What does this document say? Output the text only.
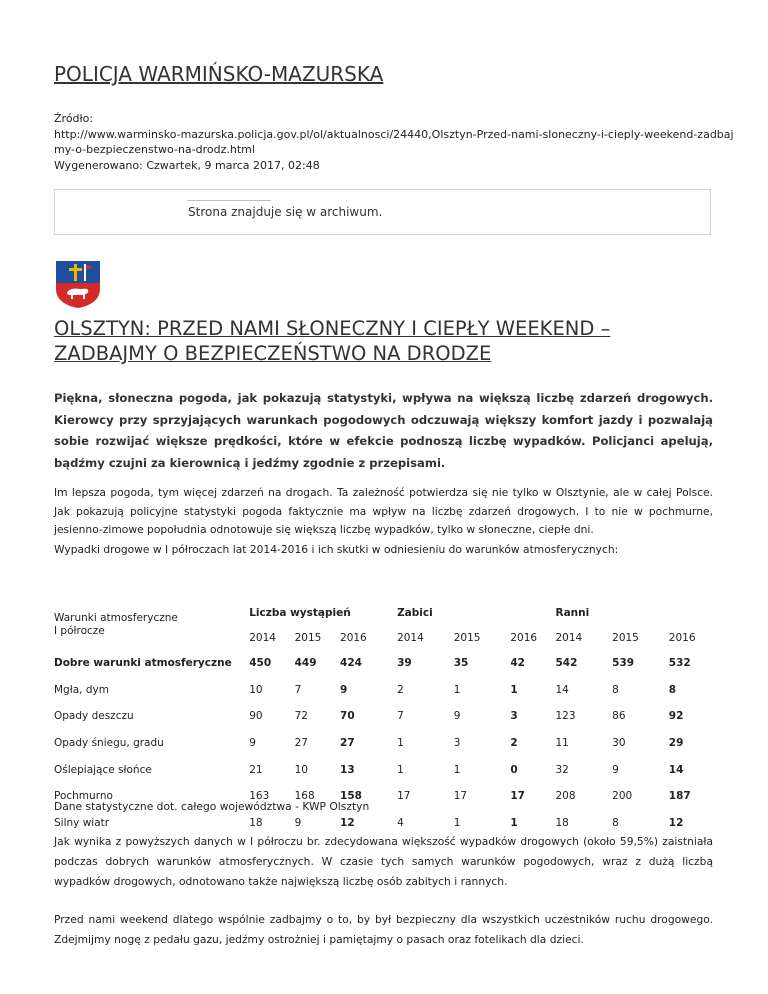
POLICJA WARMIŃSKO-MAZURSKA
Źródło:
http://www.warminsko-mazurska.policja.gov.pl/ol/aktualnosci/24440,Olsztyn-Przed-nami-sloneczny-i-cieply-weekend-zadbaj
my-o-bezpieczenstwo-na-drodz.html
Wygenerowano: Czwartek, 9 marca 2017, 02:48
Strona znajduje się w archiwum.
OLSZTYN: PRZED NAMI SŁONECZNY I CIEPŁY WEEKEND – ZADBAJMY O BEZPIECZEŃSTWO NA DRODZE

Piękna, słoneczna pogoda, jak pokazują statystyki, wpływa na większą liczbę zdarzeń drogowych. Kierowcy przy sprzyjających warunkach pogodowych odczuwają większy komfort jazdy i pozwalają sobie rozwijać większe prędkości, które w efekcie podnoszą liczbę wypadków. Policjanci apelują, bądźmy czujni za kierownicą i jedźmy zgodnie z przepisami.

Im lepsza pogoda, tym więcej zdarzeń na drogach. Ta zależność potwierdza się nie tylko w Olsztynie, ale w całej Polsce. Jak pokazują policyjne statystyki pogoda faktycznie ma wpływ na liczbę zdarzeń drogowych. I to nie w pochmurne, jesienno-zimowe popołudnia odnotowuje się większą liczbę wypadków, tylko w słoneczne, ciepłe dni.

Wypadki drogowe w I półroczach lat 2014-2016 i ich skutki w odniesieniu do warunków atmosferycznych:

Warunki atmosferyczne
I półrocze	Liczba wystąpień			Zabici			Ranni		
	2014	2015	2016	2014	2015	2016	2014	2015	2016
Dobre warunki atmosferyczne	450	449	424	39	35	42	542	539	532
Mgła, dym	10	7	9	2	1	1	14	8	8
Opady deszczu	90	72	70	7	9	3	123	86	92
Opady śniegu, gradu	9	27	27	1	3	2	11	30	29
Oślepiające słońce	21	10	13	1	1	0	32	9	14
Pochmurno	163	168	158	17	17	17	208	200	187
Silny wiatr	18	9	12	4	1	1	18	8	12

Dane statystyczne dot. całego województwa - KWP Olsztyn

Jak wynika z powyższych danych w I półroczu br. zdecydowana większość wypadków drogowych (około 59,5%) zaistniała podczas dobrych warunków atmosferycznych. W czasie tych samych warunków pogodowych, wraz z dużą liczbą wypadków drogowych, odnotowano także największą liczbę osób zabitych i rannych.

Przed nami weekend dlatego wspólnie zadbajmy o to, by był bezpieczny dla wszystkich uczestników ruchu drogowego. Zdejmijmy nogę z pedału gazu, jedźmy ostrożniej i pamiętajmy o pasach oraz fotelikach dla dzieci.
